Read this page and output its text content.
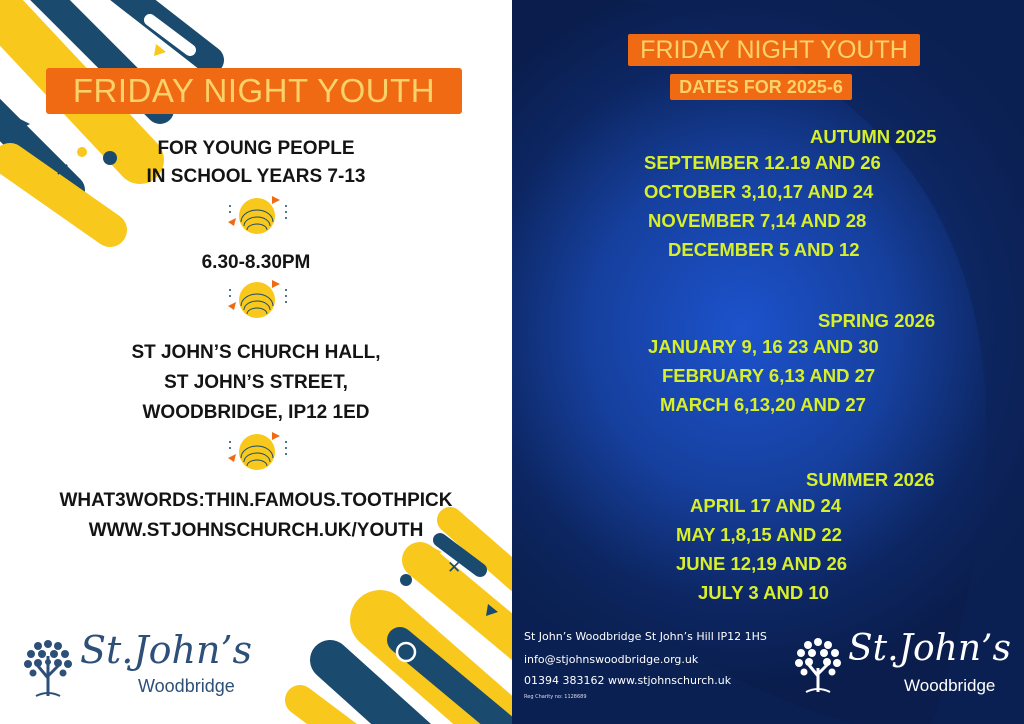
✕
✕
FRIDAY NIGHT YOUTH
FOR YOUNG PEOPLE
IN SCHOOL YEARS 7-13
6.30-8.30PM
ST JOHN’S CHURCH HALL,
ST JOHN’S STREET,
WOODBRIDGE, IP12 1ED
WHAT3WORDS:THIN.FAMOUS.TOOTHPICK
WWW.STJOHNSCHURCH.UK/YOUTH
St.John’s
Woodbridge
FRIDAY NIGHT YOUTH
DATES FOR 2025-6
AUTUMN 2025
SEPTEMBER 12.19 AND 26
OCTOBER 3,10,17 AND 24
NOVEMBER 7,14 AND 28
DECEMBER 5 AND 12
SPRING 2026
JANUARY 9, 16 23 AND 30
FEBRUARY 6,13 AND 27
MARCH 6,13,20 AND 27
SUMMER 2026
APRIL 17 AND 24
MAY 1,8,15 AND 22
JUNE 12,19 AND 26
JULY 3 AND 10
St John’s Woodbridge St John’s Hill IP12 1HS
info@stjohnswoodbridge.org.uk
01394 383162 www.stjohnschurch.uk
Reg Charity no: 1128689
St.John’s
Woodbridge
